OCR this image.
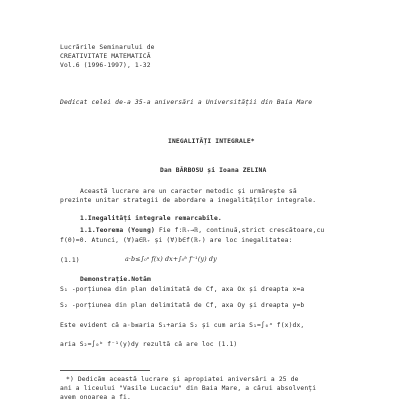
Lucrările Seminarului de
CREATIVITATE MATEMATICĂ
Vol.6 (1996-1997), 1-32
Dedicat celei de-a 35-a aniversări a Universității din Baia Mare
INEGALITĂȚI INTEGRALE*
Dan BĂRBOSU și Ioana ZELINA
Această lucrare are un caracter metodic și urmărește să
prezinte unitar strategii de abordare a inegalităților integrale.
1.Inegalități integrale remarcabile.
1.1.Teorema (Young) Fie f:ℝ₊→ℝ, continuă,strict crescătoare,cu
f(0)=0. Atunci, (∀)a∈ℝ₊ și (∀)b∈f(ℝ₊) are loc inegalitatea:
(1.1)	a·b≤∫₀ᵃ f(x) dx+∫₀ᵇ f⁻¹(y) dy
Demonstrație.Notăm
S₁ -porțiunea din plan delimitată de Cf, axa Ox și dreapta x=a
S₂ -porțiunea din plan delimitată de Cf, axa Oy și dreapta y=b
Este evident că a·b≤aria S₁+aria S₂ și cum aria S₁=∫₀ᵃ f(x)dx,
aria S₂=∫₀ᵇ f⁻¹(y)dy rezultă că are loc (1.1)
*) Dedicăm această lucrare și apropiatei aniversări a 25 de
ani a liceului "Vasile Lucaciu" din Baia Mare, a cărui absolvenți
avem onoarea a fi.
